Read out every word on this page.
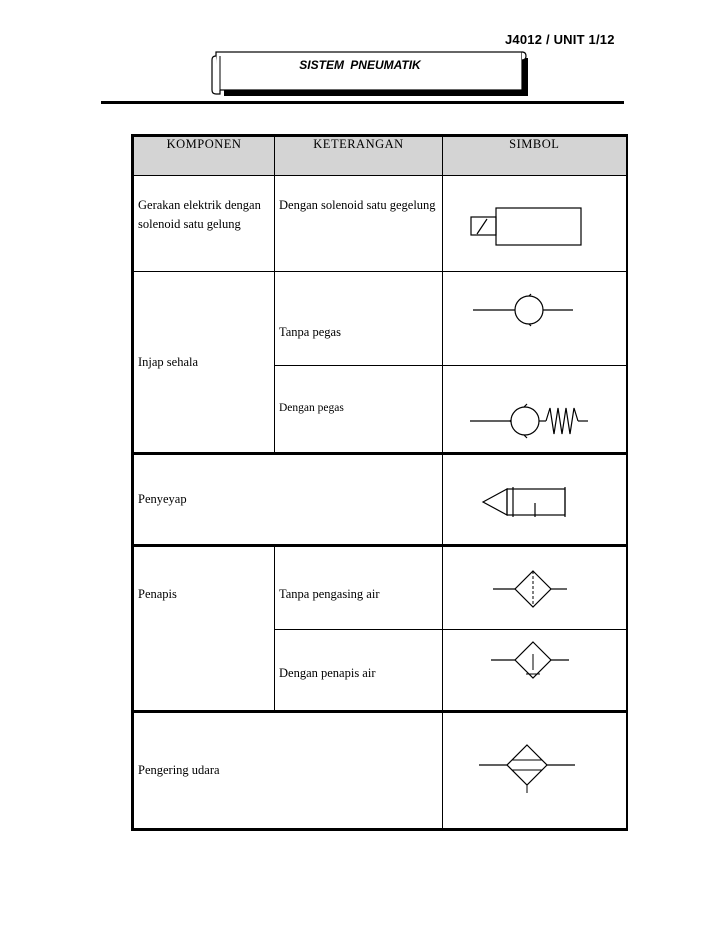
J4012 / UNIT 1/12
SISTEM PNEUMATIK
KOMPONEN	KETERANGAN	SIMBOL

Gerakan elektrik dengan solenoid satu gelung	Dengan solenoid satu gegelung

Injap sehala	Tanpa pegas

	Dengan pegas

Penyeyap

Penapis	Tanpa pengasing air

	Dengan penapis air

Pengering udara
